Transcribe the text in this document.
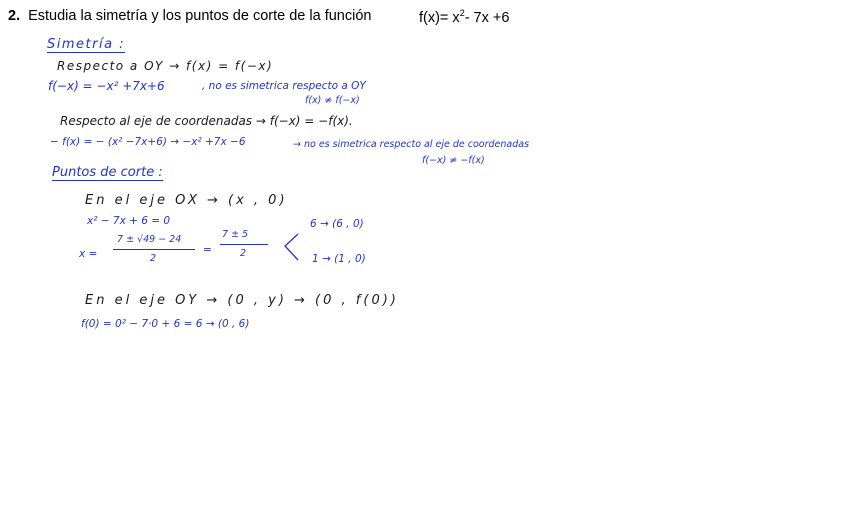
2. Estudia la simetría y los puntos de corte de la función	$f(x)= x^2-$ 7x +6
Simetría :
Respecto a OY → f(x) = f(−x)
f(−x) = −x² +7x+6	, no es simetrica respecto a OY
f(x) ≠ f(−x)
Respecto al eje de coordenadas → f(−x) = −f(x).
− f(x) = − (x² −7x+6) → −x² +7x −6	→ no es simetrica respecto al eje de coordenadas
f(−x) ≠ −f(x)
Puntos de corte :
En el eje OX → (x , 0)
x² − 7x + 6 = 0
x =
7 ± √49 − 24
2
=
7 ± 5
2
6 → (6 , 0)
1 → (1 , 0)
En el eje OY → (0 , y) → (0 , f(0))
f(0) = 0² − 7·0 + 6 = 6 → (0 , 6)
